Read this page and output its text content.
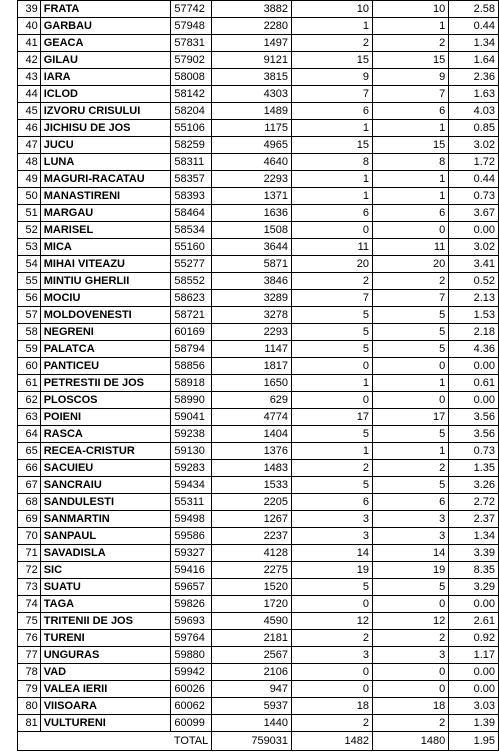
39	FRATA	57742	3882	10	10	2.58
40	GARBAU	57948	2280	1	1	0.44
41	GEACA	57831	1497	2	2	1.34
42	GILAU	57902	9121	15	15	1.64
43	IARA	58008	3815	9	9	2.36
44	ICLOD	58142	4303	7	7	1.63
45	IZVORU CRISULUI	58204	1489	6	6	4.03
46	JICHISU DE JOS	55106	1175	1	1	0.85
47	JUCU	58259	4965	15	15	3.02
48	LUNA	58311	4640	8	8	1.72
49	MAGURI-RACATAU	58357	2293	1	1	0.44
50	MANASTIRENI	58393	1371	1	1	0.73
51	MARGAU	58464	1636	6	6	3.67
52	MARISEL	58534	1508	0	0	0.00
53	MICA	55160	3644	11	11	3.02
54	MIHAI VITEAZU	55277	5871	20	20	3.41
55	MINTIU GHERLII	58552	3846	2	2	0.52
56	MOCIU	58623	3289	7	7	2.13
57	MOLDOVENESTI	58721	3278	5	5	1.53
58	NEGRENI	60169	2293	5	5	2.18
59	PALATCA	58794	1147	5	5	4.36
60	PANTICEU	58856	1817	0	0	0.00
61	PETRESTII DE JOS	58918	1650	1	1	0.61
62	PLOSCOS	58990	629	0	0	0.00
63	POIENI	59041	4774	17	17	3.56
64	RASCA	59238	1404	5	5	3.56
65	RECEA-CRISTUR	59130	1376	1	1	0.73
66	SACUIEU	59283	1483	2	2	1.35
67	SANCRAIU	59434	1533	5	5	3.26
68	SANDULESTI	55311	2205	6	6	2.72
69	SANMARTIN	59498	1267	3	3	2.37
70	SANPAUL	59586	2237	3	3	1.34
71	SAVADISLA	59327	4128	14	14	3.39
72	SIC	59416	2275	19	19	8.35
73	SUATU	59657	1520	5	5	3.29
74	TAGA	59826	1720	0	0	0.00
75	TRITENII DE JOS	59693	4590	12	12	2.61
76	TURENI	59764	2181	2	2	0.92
77	UNGURAS	59880	2567	3	3	1.17
78	VAD	59942	2106	0	0	0.00
79	VALEA IERII	60026	947	0	0	0.00
80	VIISOARA	60062	5937	18	18	3.03
81	VULTURENI	60099	1440	2	2	1.39
		TOTAL	759031	1482	1480	1.95
